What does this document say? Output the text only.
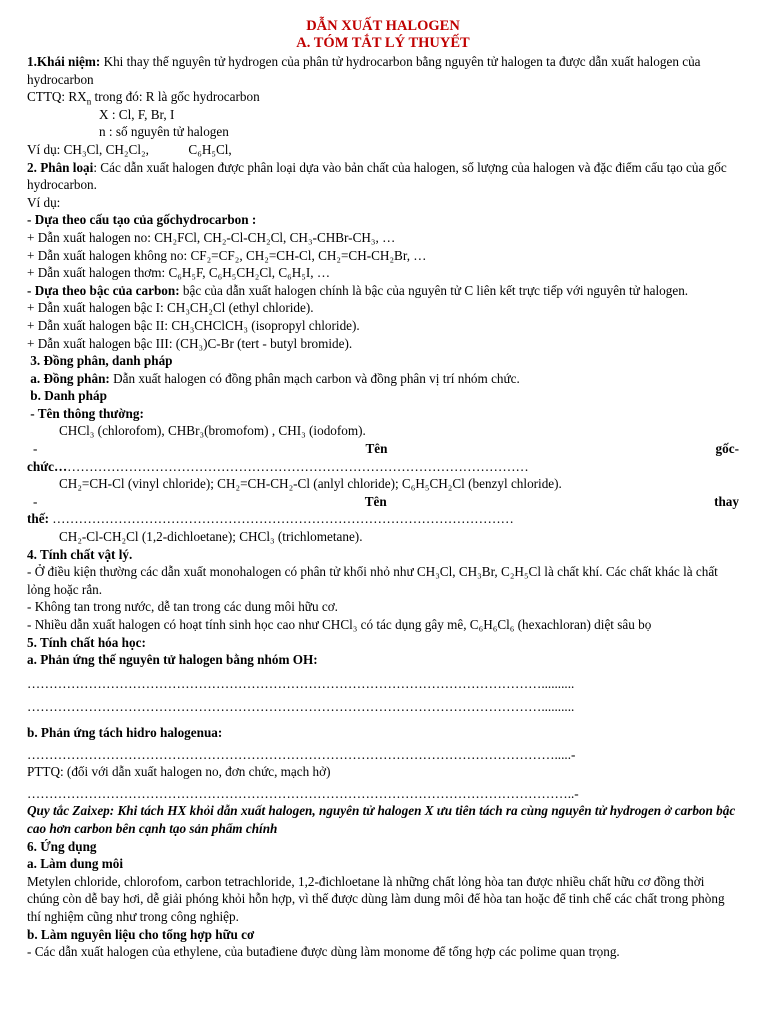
DẪN XUẤT HALOGEN
A. TÓM TẮT LÝ THUYẾT
1.Khái niệm: Khi thay thế nguyên tử hydrogen của phân tử hydrocarbon bằng nguyên tử halogen ta được dẫn xuất halogen của hydrocarbon
CTTQ: $RX_n$ trong đó: R là gốc hydrocarbon
X : Cl, F, Br, I
n : số nguyên tử halogen
Ví dụ: CH₃Cl, CH₂Cl₂,            C₆H₅Cl,
2. Phân loại: Các dẫn xuất halogen được phân loại dựa vào bản chất của halogen, số lượng của halogen và đặc điểm cấu tạo của gốc hydrocarbon.
Ví dụ:
- Dựa theo cấu tạo của gốchydrocarbon :
+ Dẫn xuất halogen no: CH₂FCl, CH₂-Cl-CH₂Cl, CH₃-CHBr-CH₃, …
+ Dẫn xuất halogen không no: CF₂=CF₂, CH₂=CH-Cl, CH₂=CH-CH₂Br, …
+ Dẫn xuất halogen thơm: C₆H₅F, C₆H₅CH₂Cl, C₆H₅I, …
- Dựa theo bậc của carbon: bậc của dẫn xuất halogen chính là bậc của nguyên tử C liên kết trực tiếp với nguyên tử halogen.
+ Dẫn xuất halogen bậc I: CH₃CH₂Cl (ethyl chloride).
+ Dẫn xuất halogen bậc II: CH₃CHClCH₃ (isopropyl chloride).
+ Dẫn xuất halogen bậc III: (CH₃)C-Br (tert - butyl bromide).
3. Đồng phân, danh pháp
a. Đồng phân: Dẫn xuất halogen có đồng phân mạch carbon và đồng phân vị trí nhóm chức.
b. Danh pháp
- Tên thông thường:
CHCl₃ (chlorofom), CHBr₃(bromofom) , CHI₃ (iodofom).
-	Tên	gốc-
chức………………………………………………………………………………………………
CH₂=CH-Cl (vinyl chloride); CH₂=CH-CH₂-Cl (anlyl chloride); C₆H₅CH₂Cl (benzyl chloride).
-	Tên	thay
thế: ……………………………………………………………………………………………
CH₂-Cl-CH₂Cl (1,2-dichloetane); CHCl₃ (trichlometane).
4. Tính chất vật lý.
- Ở điều kiện thường các dẫn xuất monohalogen có phân tử khối nhỏ như CH₃Cl, CH₃Br, C₂H₅Cl là chất khí. Các chất khác là chất lỏng hoặc rắn.
- Không tan trong nước, dễ tan trong các dung môi hữu cơ.
- Nhiều dẫn xuất halogen có hoạt tính sinh học cao như CHCl₃ có tác dụng gây mê, C₆H₆Cl₆ (hexachloran) diệt sâu bọ
5. Tính chất hóa học:
a. Phản ứng thế nguyên tử halogen bằng nhóm OH:
………………………………………………………………………………………………………..........
………………………………………………………………………………………………………..........
b. Phản ứng tách hidro halogenua:
………………………………………………………………………………………………………….....-
PTTQ: (đối với dẫn xuất halogen no, đơn chức, mạch hở)
……………………………………………………………………………………………………………..-
Quy tắc Zaixep: Khi tách HX khỏi dẫn xuất halogen, nguyên tử halogen X ưu tiên tách ra cùng nguyên tử hydrogen ở carbon bậc cao hơn carbon bên cạnh tạo sản phẩm chính
6. Ứng dụng
a. Làm dung môi
Metylen chloride, chlorofom, carbon tetrachloride, 1,2-đichloetane là những chất lỏng hòa tan được nhiều chất hữu cơ đồng thời chúng còn dễ bay hơi, dễ giải phóng khỏi hỗn hợp, vì thế được dùng làm dung môi để hòa tan hoặc để tinh chế các chất trong phòng thí nghiệm cũng như trong công nghiệp.
b. Làm nguyên liệu cho tổng hợp hữu cơ
- Các dẫn xuất halogen của ethylene, của butađiene được dùng làm monome để tổng hợp các polime quan trọng.
